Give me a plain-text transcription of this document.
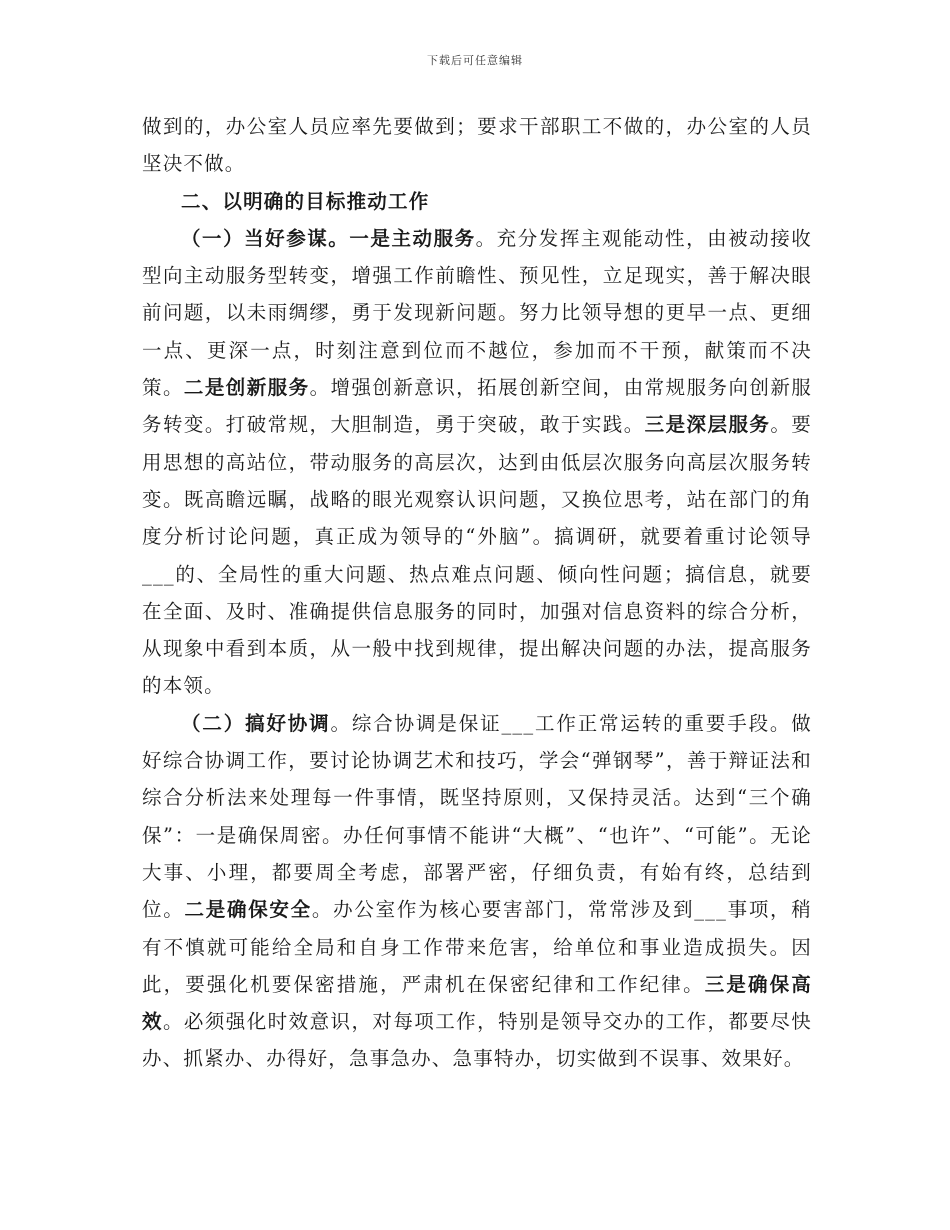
下载后可任意编辑

做到的，办公室人员应率先要做到；要求干部职工不做的，办公室的人员坚决不做。

二、以明确的目标推动工作

（一）当好参谋。一是主动服务。充分发挥主观能动性，由被动接收型向主动服务型转变，增强工作前瞻性、预见性，立足现实，善于解决眼前问题，以未雨绸缪，勇于发现新问题。努力比领导想的更早一点、更细一点、更深一点，时刻注意到位而不越位，参加而不干预，献策而不决策。二是创新服务。增强创新意识，拓展创新空间，由常规服务向创新服务转变。打破常规，大胆制造，勇于突破，敢于实践。三是深层服务。要用思想的高站位，带动服务的高层次，达到由低层次服务向高层次服务转变。既高瞻远瞩，战略的眼光观察认识问题，又换位思考，站在部门的角度分析讨论问题，真正成为领导的“外脑”。搞调研，就要着重讨论领导___的、全局性的重大问题、热点难点问题、倾向性问题；搞信息，就要在全面、及时、准确提供信息服务的同时，加强对信息资料的综合分析，从现象中看到本质，从一般中找到规律，提出解决问题的办法，提高服务的本领。

（二）搞好协调。综合协调是保证___工作正常运转的重要手段。做好综合协调工作，要讨论协调艺术和技巧，学会“弹钢琴”，善于辩证法和综合分析法来处理每一件事情，既坚持原则，又保持灵活。达到“三个确保”：一是确保周密。办任何事情不能讲“大概”、“也许”、“可能”。无论大事、小理，都要周全考虑，部署严密，仔细负责，有始有终，总结到位。二是确保安全。办公室作为核心要害部门，常常涉及到___事项，稍有不慎就可能给全局和自身工作带来危害，给单位和事业造成损失。因此，要强化机要保密措施，严肃机在保密纪律和工作纪律。三是确保高效。必须强化时效意识，对每项工作，特别是领导交办的工作，都要尽快办、抓紧办、办得好，急事急办、急事特办，切实做到不误事、效果好。
